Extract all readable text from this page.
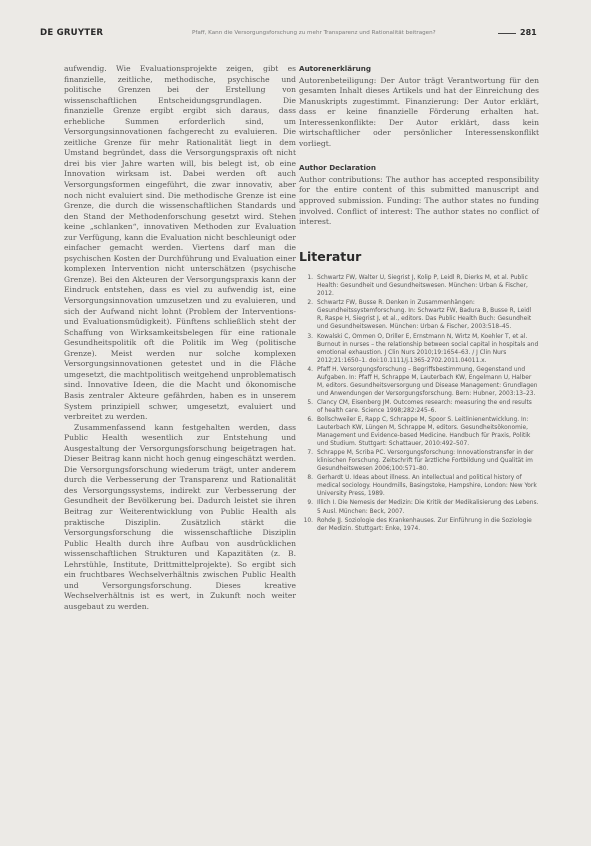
DE GRUYTER	Pfaff, Kann die Versorgungsforschung zu mehr Transparenz und Rationalität beitragen?	281

aufwendig. Wie Evaluationsprojekte zeigen, gibt es finanzielle, zeitliche, methodische, psychische und politische Grenzen bei der Erstellung von wissenschaftlichen Entscheidungsgrundlagen. Die finanzielle Grenze ergibt ergibt sich daraus, dass erhebliche Summen erforderlich sind, um Versorgungsinnovationen fachgerecht zu evaluieren. Die zeitliche Grenze für mehr Rationalität liegt in dem Umstand begründet, dass die Versorgungspraxis oft nicht drei bis vier Jahre warten will, bis belegt ist, ob eine Innovation wirksam ist. Dabei werden oft auch Versorgungsformen eingeführt, die zwar innovativ, aber noch nicht evaluiert sind. Die methodische Grenze ist eine Grenze, die durch die wissenschaftlichen Standards und den Stand der Methodenforschung gesetzt wird. Stehen keine „schlanken“, innovativen Methoden zur Evaluation zur Verfügung, kann die Evaluation nicht beschleunigt oder einfacher gemacht werden. Viertens darf man die psychischen Kosten der Durchführung und Evaluation einer komplexen Intervention nicht unterschätzen (psychische Grenze). Bei den Akteuren der Versorgungspraxis kann der Eindruck entstehen, dass es viel zu aufwendig ist, eine Versorgungsinnovation umzusetzen und zu evaluieren, und sich der Aufwand nicht lohnt (Problem der Interventions- und Evaluationsmüdigkeit). Fünftens schließlich steht der Schaffung von Wirksamkeitsbelegen für eine rationale Gesundheitspolitik oft die Politik im Weg (politische Grenze). Meist werden nur solche komplexen Versorgungsinnovationen getestet und in die Fläche umgesetzt, die machtpolitisch weitgehend unproblematisch sind. Innovative Ideen, die die Macht und ökonomische Basis zentraler Akteure gefährden, haben es in unserem System prinzipiell schwer, umgesetzt, evaluiert und verbreitet zu werden.

Zusammenfassend kann festgehalten werden, dass Public Health wesentlich zur Entstehung und Ausgestaltung der Versorgungsforschung beigetragen hat. Dieser Beitrag kann nicht hoch genug eingeschätzt werden. Die Versorgungsforschung wiederum trägt, unter anderem durch die Verbesserung der Transparenz und Rationalität des Versorgungssystems, indirekt zur Verbesserung der Gesundheit der Bevölkerung bei. Dadurch leistet sie ihren Beitrag zur Weiterentwicklung von Public Health als praktische Disziplin. Zusätzlich stärkt die Versorgungsforschung die wissenschaftliche Disziplin Public Health durch ihre Aufbau von ausdrücklichen wissenschaftlichen Strukturen und Kapazitäten (z. B. Lehrstühle, Institute, Drittmittelprojekte). So ergibt sich ein fruchtbares Wechselverhältnis zwischen Public Health und Versorgungsforschung. Dieses kreative Wechselverhältnis ist es wert, in Zukunft noch weiter ausgebaut zu werden.

Autorenerklärung

Autorenbeteiligung: Der Autor trägt Verantwortung für den gesamten Inhalt dieses Artikels und hat der Einreichung des Manuskripts zugestimmt. Finanzierung: Der Autor erklärt, dass er keine finanzielle Förderung erhalten hat. Interessenkonflikte: Der Autor erklärt, dass kein wirtschaftlicher oder persönlicher Interessenskonflikt vorliegt.

Author Declaration

Author contributions: The author has accepted responsibility for the entire content of this submitted manuscript and approved submission. Funding: The author states no funding involved. Conflict of interest: The author states no conflict of interest.

Literatur
1. Schwartz FW, Walter U, Siegrist J, Kolip P, Leidl R, Dierks M, et al. Public Health: Gesundheit und Gesundheitswesen. München: Urban & Fischer, 2012.
2. Schwartz FW, Busse R. Denken in Zusammenhängen: Gesundheitssystemforschung. In: Schwartz FW, Badura B, Busse R, Leidl R, Raspe H, Siegrist J, et al., editors. Das Public Health Buch: Gesundheit und Gesundheitswesen. München: Urban & Fischer, 2003:518–45.
3. Kowalski C, Ommen O, Driller E, Ernstmann N, Wirtz M, Koehler T, et al. Burnout in nurses – the relationship between social capital in hospitals and emotional exhaustion. J Clin Nurs 2010;19:1654–63. / J Clin Nurs 2012;21:1650–1. doi:10.1111/j.1365-2702.2011.04011.x.
4. Pfaff H. Versorgungsforschung – Begriffsbestimmung, Gegenstand und Aufgaben. In: Pfaff H, Schrappe M, Lauterbach KW, Engelmann U, Halber M, editors. Gesundheitsversorgung und Disease Management: Grundlagen und Anwendungen der Versorgungsforschung. Bern: Hubner, 2003:13–23.
5. Clancy CM, Eisenberg JM. Outcomes research: measuring the end results of health care. Science 1998;282:245–6.
6. Bollschweiler E, Rapp C, Schrappe M, Spoor S. Leitlinienentwicklung. In: Lauterbach KW, Lüngen M, Schrappe M, editors. Gesundheitsökonomie, Management und Evidence-based Medicine. Handbuch für Praxis, Politik und Studium. Stuttgart: Schattauer, 2010:492–507.
7. Schrappe M, Scriba PC. Versorgungsforschung: Innovationstransfer in der klinischen Forschung. Zeitschrift für ärztliche Fortbildung und Qualität im Gesundheitswesen 2006;100:571–80.
8. Gerhardt U. Ideas about illness. An intellectual and political history of medical sociology. Houndmills, Basingstoke, Hampshire, London: New York University Press, 1989.
9. Illich I. Die Nemesis der Medizin: Die Kritik der Medikalisierung des Lebens. 5 Ausl. München: Beck, 2007.
10. Rohde JJ. Soziologie des Krankenhauses. Zur Einführung in die Soziologie der Medizin. Stuttgart: Enke, 1974.
